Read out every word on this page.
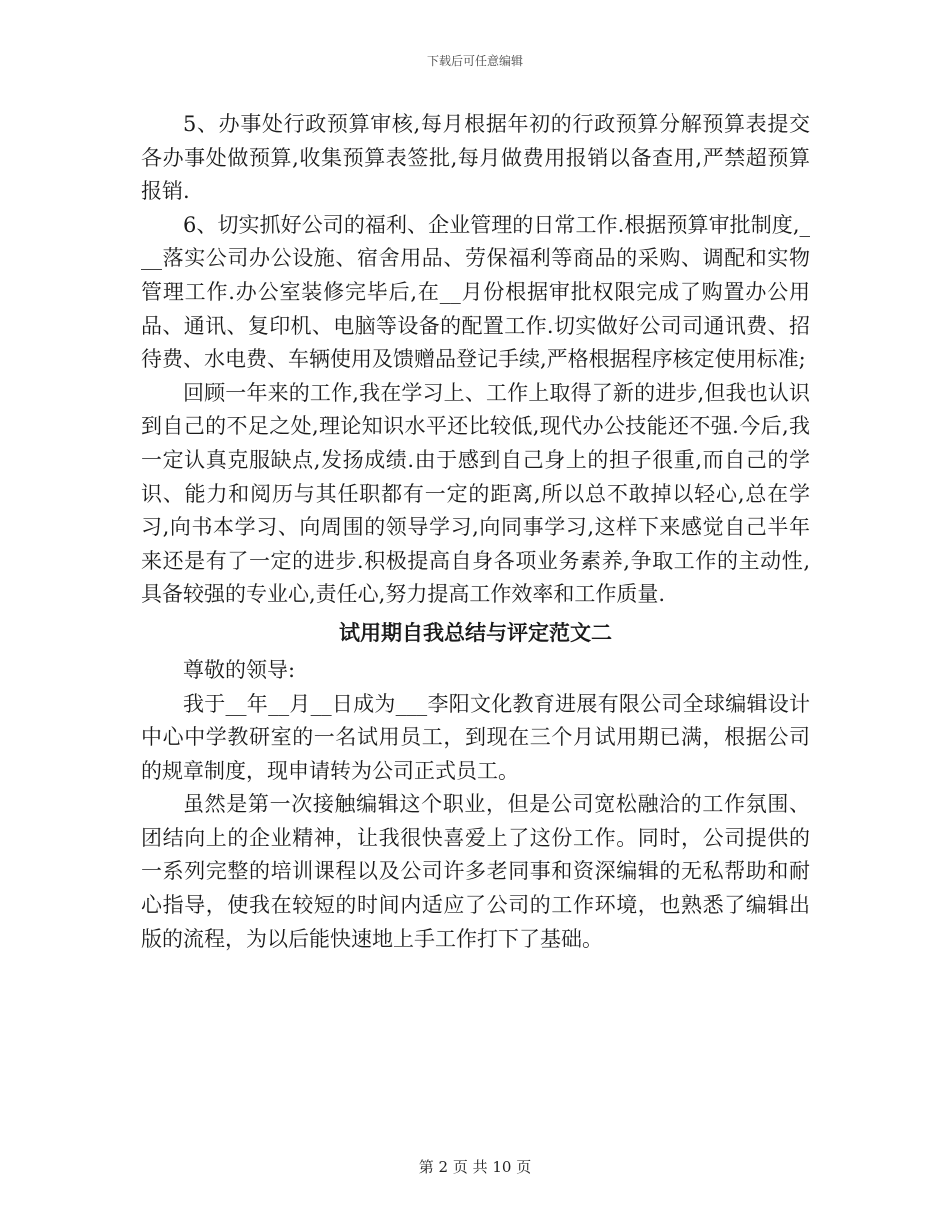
下载后可任意编辑

5、办事处行政预算审核,每月根据年初的行政预算分解预算表提交各办事处做预算,收集预算表签批,每月做费用报销以备查用,严禁超预算报销.

6、切实抓好公司的福利、企业管理的日常工作.根据预算审批制度,___落实公司办公设施、宿舍用品、劳保福利等商品的采购、调配和实物管理工作.办公室装修完毕后,在__月份根据审批权限完成了购置办公用品、通讯、复印机、电脑等设备的配置工作.切实做好公司司通讯费、招待费、水电费、车辆使用及馈赠品登记手续,严格根据程序核定使用标准;

回顾一年来的工作,我在学习上、工作上取得了新的进步,但我也认识到自己的不足之处,理论知识水平还比较低,现代办公技能还不强.今后,我一定认真克服缺点,发扬成绩.由于感到自己身上的担子很重,而自己的学识、能力和阅历与其任职都有一定的距离,所以总不敢掉以轻心,总在学习,向书本学习、向周围的领导学习,向同事学习,这样下来感觉自己半年来还是有了一定的进步.积极提高自身各项业务素养,争取工作的主动性,具备较强的专业心,责任心,努力提高工作效率和工作质量.

试用期自我总结与评定范文二

尊敬的领导:

我于__年__月__日成为___李阳文化教育进展有限公司全球编辑设计中心中学教研室的一名试用员工，到现在三个月试用期已满，根据公司的规章制度，现申请转为公司正式员工。

虽然是第一次接触编辑这个职业，但是公司宽松融洽的工作氛围、团结向上的企业精神，让我很快喜爱上了这份工作。同时，公司提供的一系列完整的培训课程以及公司许多老同事和资深编辑的无私帮助和耐心指导，使我在较短的时间内适应了公司的工作环境，也熟悉了编辑出版的流程，为以后能快速地上手工作打下了基础。

第 2 页 共 10 页
